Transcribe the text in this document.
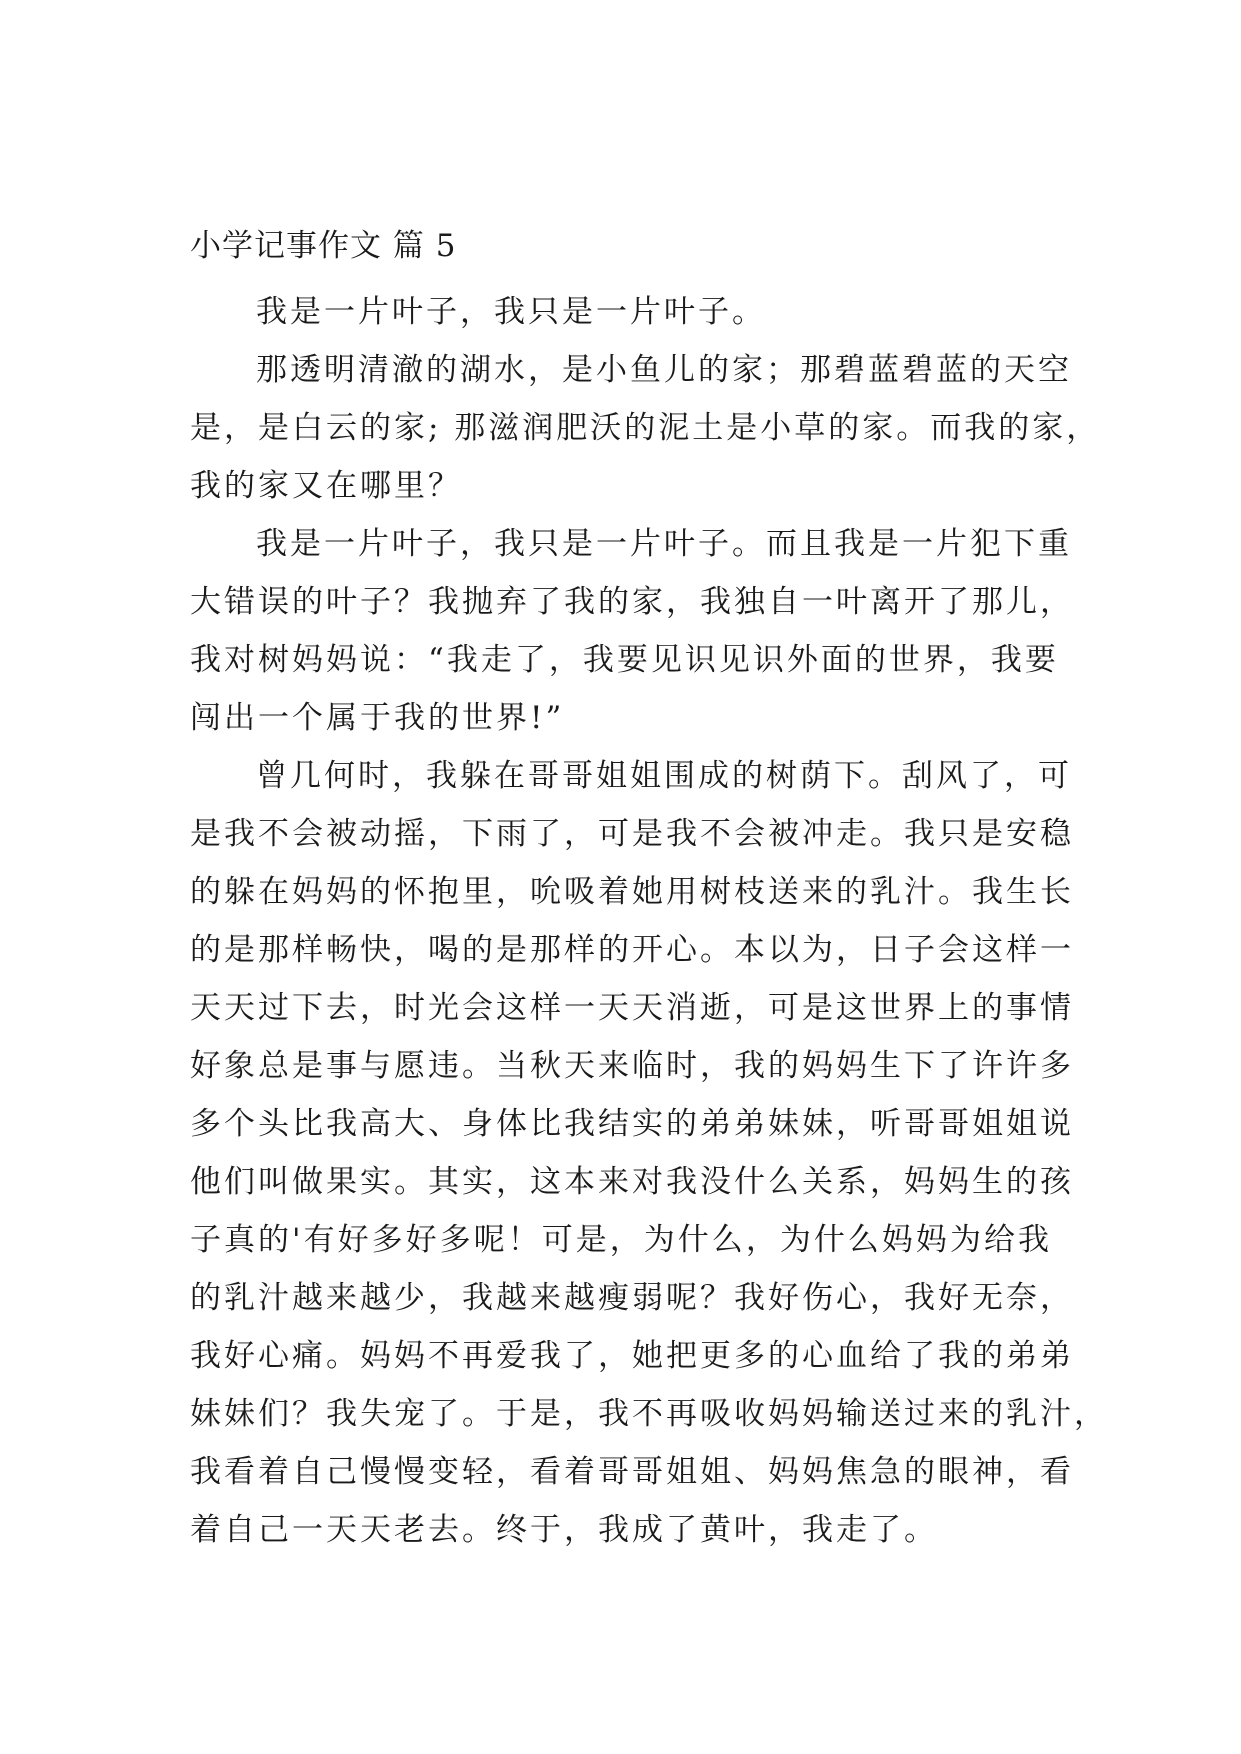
小学记事作文 篇 5
我是一片叶子，我只是一片叶子。
那透明清澈的湖水，是小鱼儿的家；那碧蓝碧蓝的天空
是，是白云的家; 那滋润肥沃的泥土是小草的家。而我的家，
我的家又在哪里？
我是一片叶子，我只是一片叶子。而且我是一片犯下重
大错误的叶子？我抛弃了我的家，我独自一叶离开了那儿，
我对树妈妈说：“我走了，我要见识见识外面的世界，我要
闯出一个属于我的世界!”
曾几何时，我躲在哥哥姐姐围成的树荫下。刮风了，可
是我不会被动摇，下雨了，可是我不会被冲走。我只是安稳
的躲在妈妈的怀抱里，吮吸着她用树枝送来的乳汁。我生长
的是那样畅快，喝的是那样的开心。本以为，日子会这样一
天天过下去，时光会这样一天天消逝，可是这世界上的事情
好象总是事与愿违。当秋天来临时，我的妈妈生下了许许多
多个头比我高大、身体比我结实的弟弟妹妹，听哥哥姐姐说
他们叫做果实。其实，这本来对我没什么关系，妈妈生的孩
子真的'有好多好多呢！可是，为什么，为什么妈妈为给我
的乳汁越来越少，我越来越瘦弱呢？我好伤心，我好无奈，
我好心痛。妈妈不再爱我了，她把更多的心血给了我的弟弟
妹妹们？我失宠了。于是，我不再吸收妈妈输送过来的乳汁，
我看着自己慢慢变轻，看着哥哥姐姐、妈妈焦急的眼神，看
着自己一天天老去。终于，我成了黄叶，我走了。
